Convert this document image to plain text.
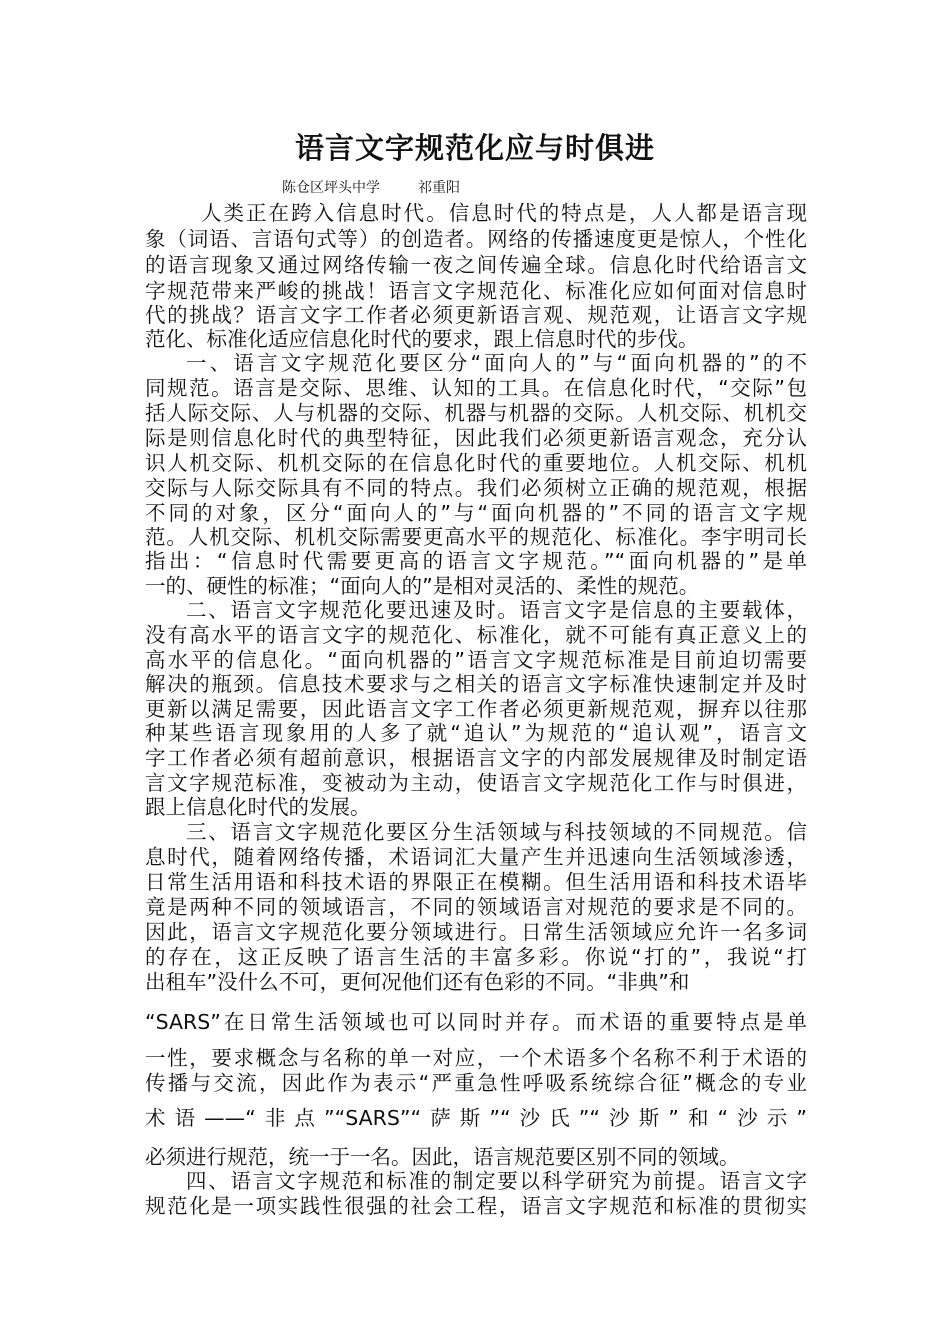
语言文字规范化应与时俱进
陈仓区坪头中学	祁重阳
人类正在跨入信息时代。信息时代的特点是，人人都是语言现
象（词语、言语句式等）的创造者。网络的传播速度更是惊人，个性化
的语言现象又通过网络传输一夜之间传遍全球。信息化时代给语言文
字规范带来严峻的挑战！语言文字规范化、标准化应如何面对信息时
代的挑战？语言文字工作者必须更新语言观、规范观，让语言文字规
范化、标准化适应信息化时代的要求，跟上信息时代的步伐。
一、语言文字规范化要区分“面向人的”与“面向机器的”的不
同规范。语言是交际、思维、认知的工具。在信息化时代，“交际”包
括人际交际、人与机器的交际、机器与机器的交际。人机交际、机机交
际是则信息化时代的典型特征，因此我们必须更新语言观念，充分认
识人机交际、机机交际的在信息化时代的重要地位。人机交际、机机
交际与人际交际具有不同的特点。我们必须树立正确的规范观，根据
不同的对象，区分“面向人的”与“面向机器的”不同的语言文字规
范。人机交际、机机交际需要更高水平的规范化、标准化。李宇明司长
指出：“信息时代需要更高的语言文字规范。”“面向机器的”是单
一的、硬性的标准；“面向人的”是相对灵活的、柔性的规范。
二、语言文字规范化要迅速及时。语言文字是信息的主要载体，
没有高水平的语言文字的规范化、标准化，就不可能有真正意义上的
高水平的信息化。“面向机器的”语言文字规范标准是目前迫切需要
解决的瓶颈。信息技术要求与之相关的语言文字标准快速制定并及时
更新以满足需要，因此语言文字工作者必须更新规范观，摒弃以往那
种某些语言现象用的人多了就“追认”为规范的“追认观”，语言文
字工作者必须有超前意识，根据语言文字的内部发展规律及时制定语
言文字规范标准，变被动为主动，使语言文字规范化工作与时俱进，
跟上信息化时代的发展。
三、语言文字规范化要区分生活领域与科技领域的不同规范。信
息时代，随着网络传播，术语词汇大量产生并迅速向生活领域渗透，
日常生活用语和科技术语的界限正在模糊。但生活用语和科技术语毕
竟是两种不同的领域语言，不同的领域语言对规范的要求是不同的。
因此，语言文字规范化要分领域进行。日常生活领域应允许一名多词
的存在，这正反映了语言生活的丰富多彩。你说“打的”，我说“打
出租车”没什么不可，更何况他们还有色彩的不同。“非典”和
“SARS”在日常生活领域也可以同时并存。而术语的重要特点是单
一性，要求概念与名称的单一对应，一个术语多个名称不利于术语的
传播与交流，因此作为表示“严重急性呼吸系统综合征”概念的专业
术语——“非点”“SARS”“萨斯”“沙氏”“沙斯”和“沙示”
必须进行规范，统一于一名。因此，语言规范要区别不同的领域。
四、语言文字规范和标准的制定要以科学研究为前提。语言文字
规范化是一项实践性很强的社会工程，语言文字规范和标准的贯彻实
